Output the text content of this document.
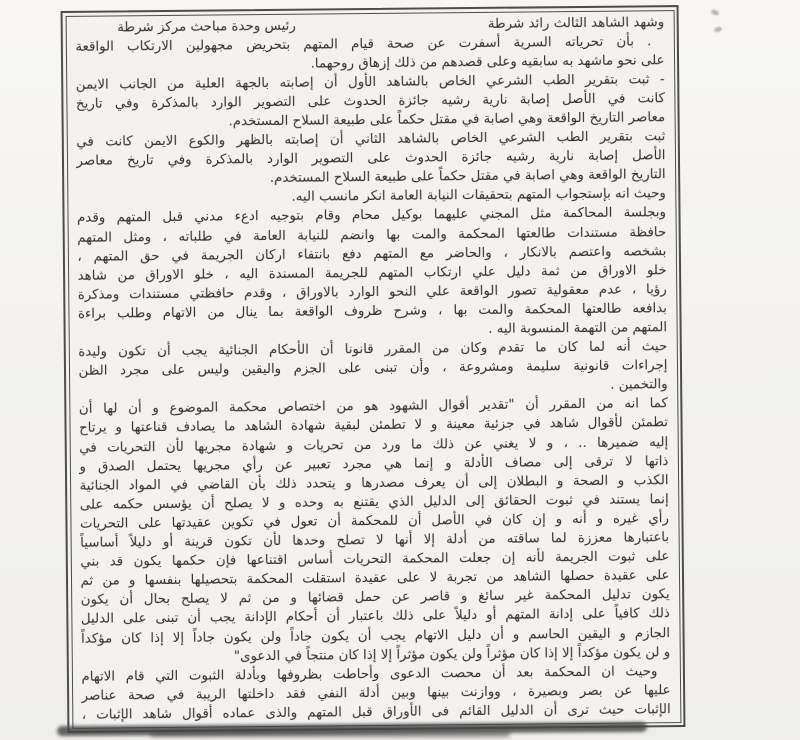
وشهد الشاهد الثالث رائد شرطة
رئيس وحدة مباحث مركز شرطة
. بأن تحرياته السرية أسفرت عن صحة قيام المتهم بتحريض مجهولين الارتكاب الواقعة
على نحو ماشهد به سابقيه وعلى قصدهم من ذلك إزهاق روحهما.
- ثبت بتقرير الطب الشرعي الخاص بالشاهد الأول أن إصابته بالجهة العلية من الجانب الايمن
كانت في الأصل إصابة نارية رشيه جائزة الحدوث على التصوير الوارد بالمذكرة وفي تاريخ
معاصر التاريخ الواقعة وهي اصابة في مقتل حكماً على طبيعة السلاح المستخدم.
ثبت بتقرير الطب الشرعي الخاص بالشاهد الثاني أن إصابته بالظهر والكوع الايمن كانت في
الأصل إصابة نارية رشيه جائزة الحدوث على التصوير الوارد بالمذكرة وفي تاريخ معاصر
التاريخ الواقعة وهي اصابة في مقتل حكماً على طبيعة السلاح المستخدم.
وحيث انه بإستجواب المتهم بتحقيقات النيابة العامة انكر مانسب اليه.
وبجلسة المحاكمة مثل المجني عليهما بوكيل محام وقام بتوجيه ادعء مدني قبل المتهم وقدم
حافظة مستندات طالعتها المحكمة والمت بها وانضم للنيابة العامة في طلباته ، ومثل المتهم
بشخصه واعتصم بالانكار ، والحاضر مع المتهم دفع بانتفاء اركان الجريمة في حق المتهم ،
خلو الاوراق من ثمة دليل علي ارتكاب المتهم للجريمة المسندة اليه ، خلو الاوراق من شاهد
رؤيا ، عدم معقولية تصور الواقعة علي النحو الوارد بالاوراق ، وقدم حافظتي مستندات ومذكرة
بدافعه طالعتها المحكمة والمت بها ، وشرح ظروف الواقعة بما ينال من الاتهام وطلب براءة
المتهم من التهمة المنسوبة اليه .
حيث أنه لما كان ما تقدم وكان من المقرر قانونا أن الأحكام الجنائية يجب أن تكون وليدة
إجراءات قانونية سليمة ومشروعة ، وأن تبنى على الجزم واليقين وليس على مجرد الظن
والتخمين .
كما انه من المقرر أن "تقدير أقوال الشهود هو من اختصاص محكمة الموضوع و أن لها أن
تطمئن لأقوال شاهد في جزئية معينة و لا تطمئن لبقية شهادة الشاهد ما يصادف قناعتها و يرتاح
إليه ضميرها .. ، و لا يغني عن ذلك ما ورد من تحريات و شهادة مجريها لأن التحريات في
ذاتها لا ترقى إلى مصاف الأدلة و إنما هي مجرد تعبير عن رأي مجريها يحتمل الصدق و
الكذب و الصحة و البطلان إلى أن يعرف مصدرها و يتحدد ذلك بأن القاضي في المواد الجنائية
إنما يستند في ثبوت الحقائق إلى الدليل الذي يقتنع به وحده و لا يصلح أن يؤسس حكمه على
رأي غيره و أنه و إن كان في الأصل أن للمحكمة أن تعول في تكوين عقيدتها على التحريات
باعتبارها معززة لما ساقته من أدلة إلا أنها لا تصلح وحدها لأن تكون قرينة أو دليلاً أساسياً
على ثبوت الجريمة لأنه إن جعلت المحكمة التحريات أساس اقتناعها فإن حكمها يكون قد بني
على عقيدة حصلها الشاهد من تجربة لا على عقيدة استقلت المحكمة بتحصيلها بنفسها و من ثم
يكون تدليل المحكمة غير سائغ و قاصر عن حمل قضائها و من ثم لا يصلح بحال أن يكون
ذلك كافياً على إدانة المتهم أو دليلاً على ذلك باعتبار أن أحكام الإدانة يجب أن تبنى على الدليل
الجازم و اليقين الحاسم و أن دليل الاتهام يجب أن يكون جاداً ولن يكون جاداً إلا إذا كان مؤكداً
و لن يكون مؤكداً إلا إذا كان مؤثراً ولن يكون مؤثراً إلا إذا كان منتجاً في الدعوى"
وحيث ان المحكمة بعد أن محصت الدعوى وأحاطت بظروفها وبأدلة الثبوت التي قام الاتهام
عليها عن بصر وبصيرة ، ووازنت بينها وبين أدلة النفي فقد داخلتها الريبة في صحة عناصر
الإثبات حيث ترى أن الدليل القائم فى الأوراق قبل المتهم والذى عماده أقوال شاهد الإثبات ،
